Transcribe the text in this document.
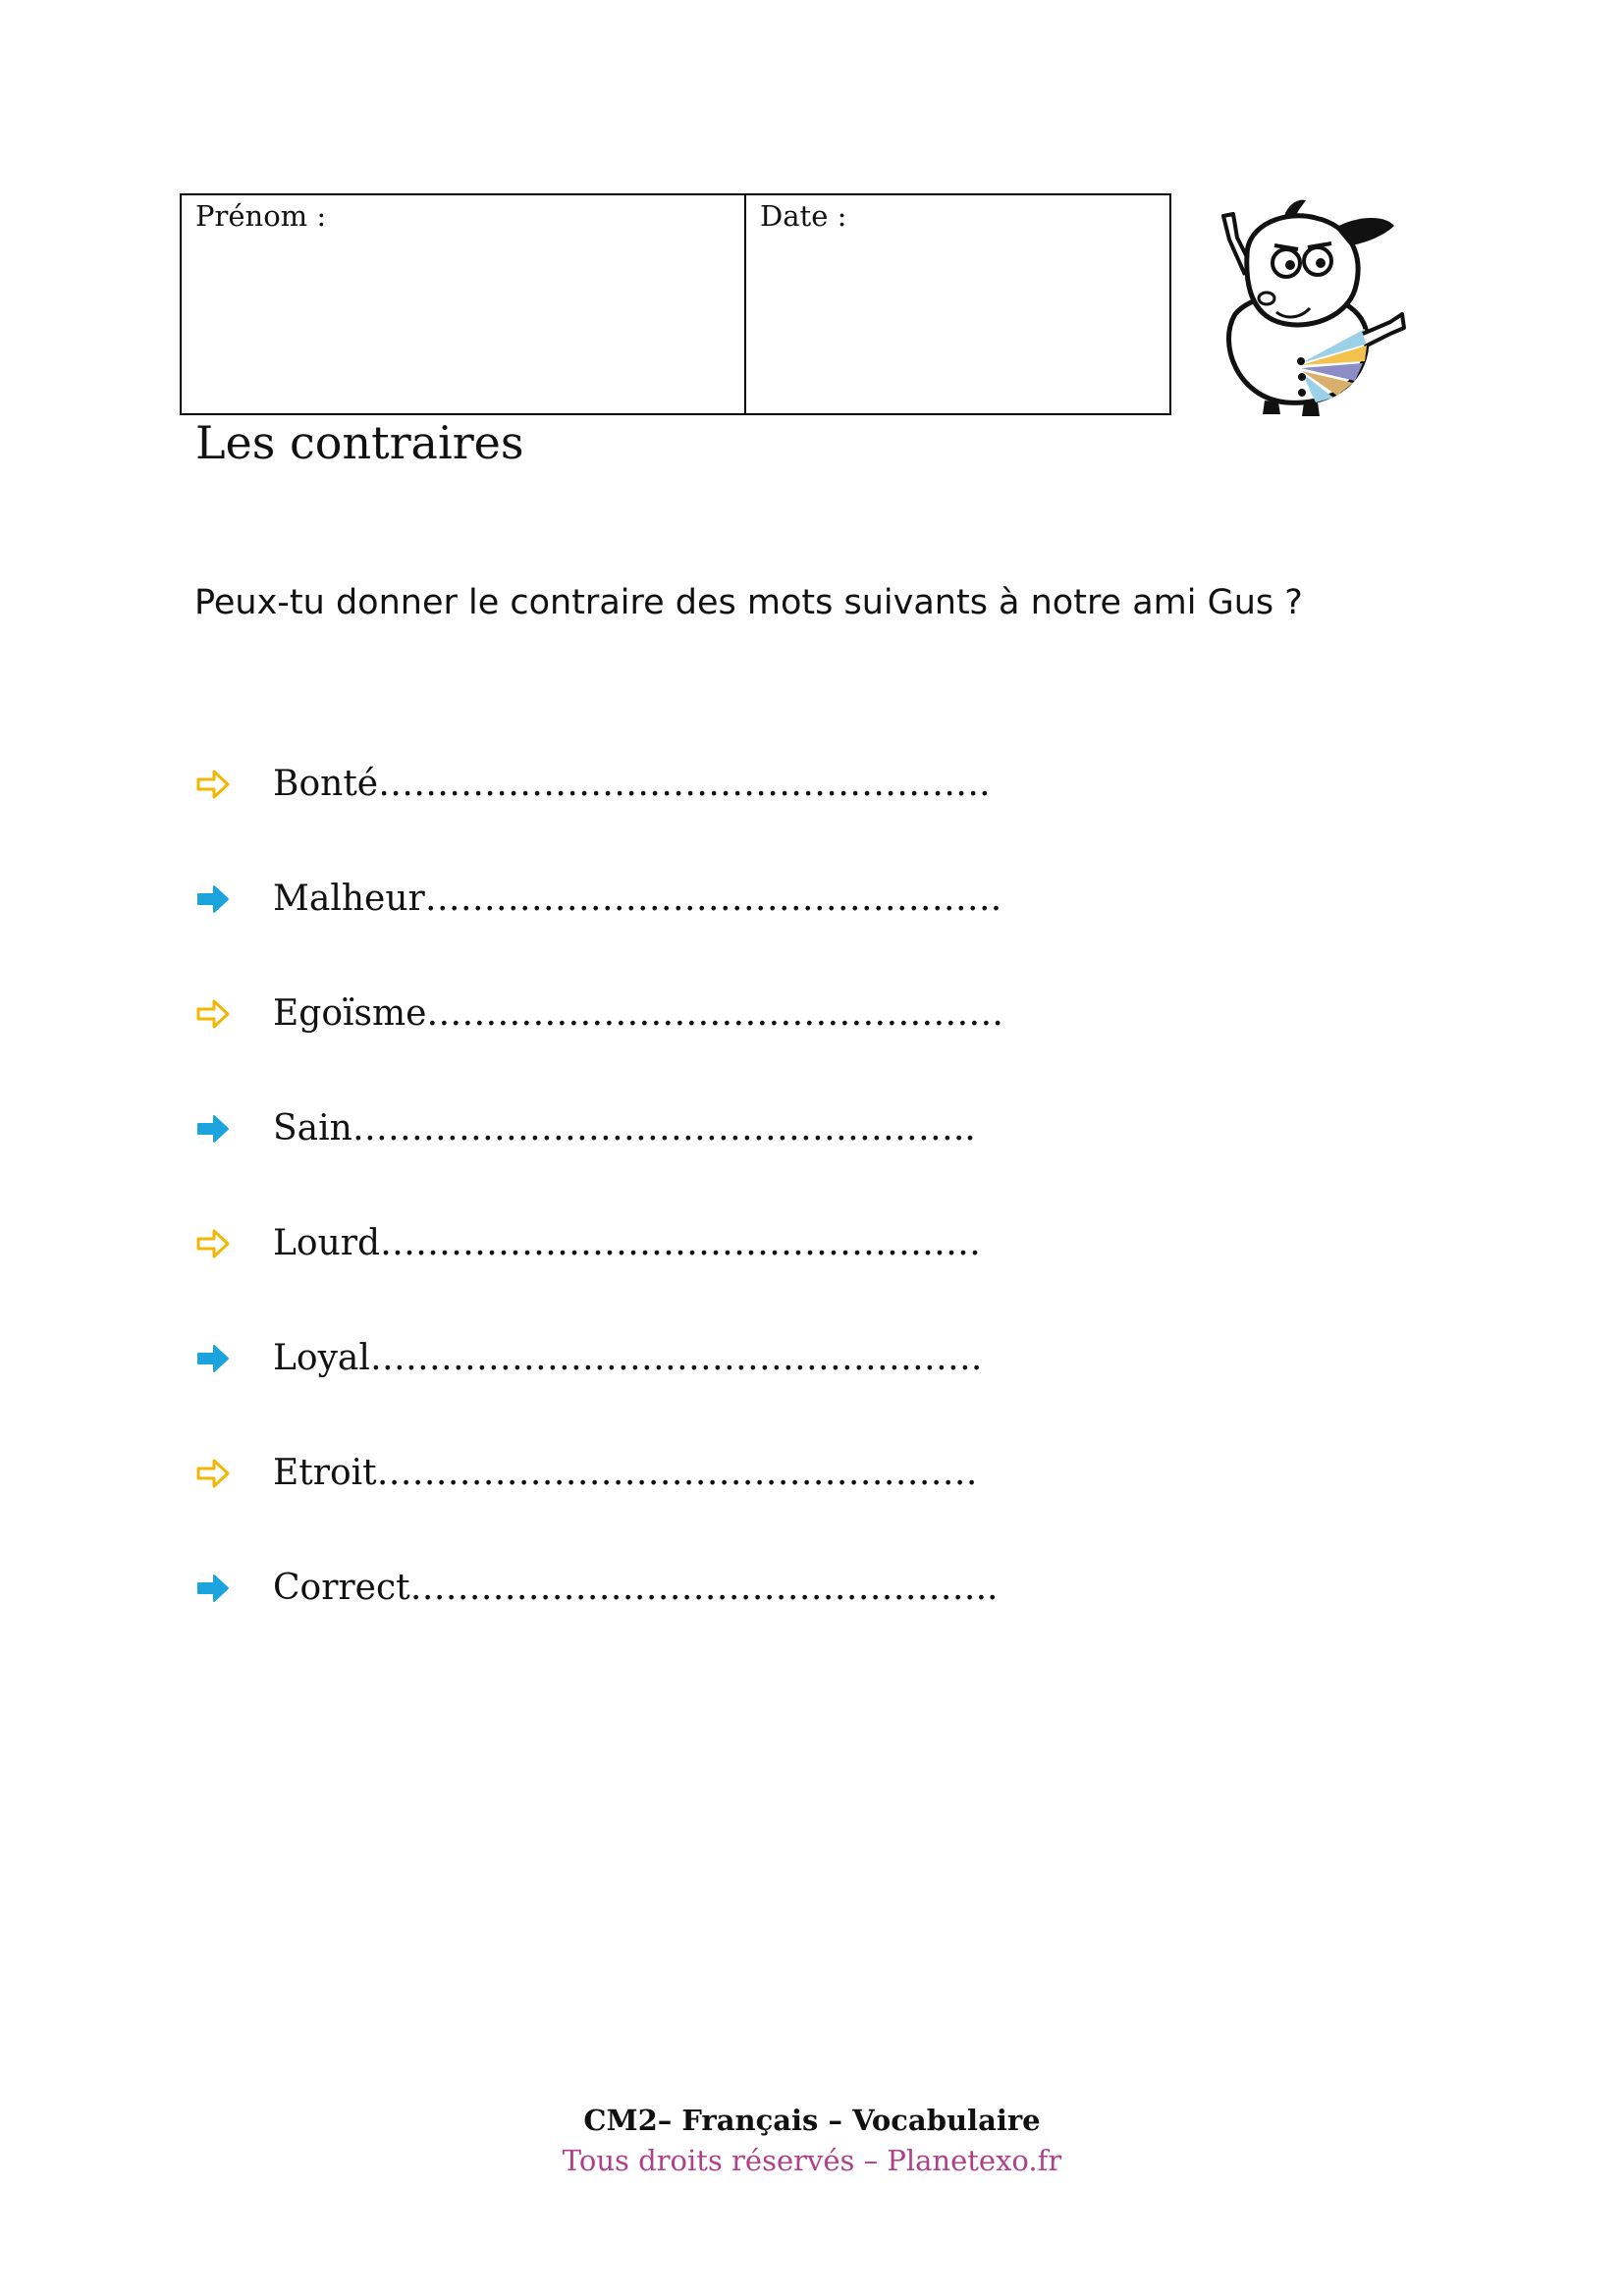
Prénom :	Date :
Les contraires
Peux-tu donner le contraire des mots suivants à notre ami Gus ?
Bonté…………………………………………….
Malheur………………………………………….
Egoïsme………………………………………….
Sain……………………………………………..
Lourd……………………………………………
Loyal…………………………………………….
Etroit……………………………………………
Correct…………………………………………..
CM2– Français – Vocabulaire
Tous droits réservés – Planetexo.fr
